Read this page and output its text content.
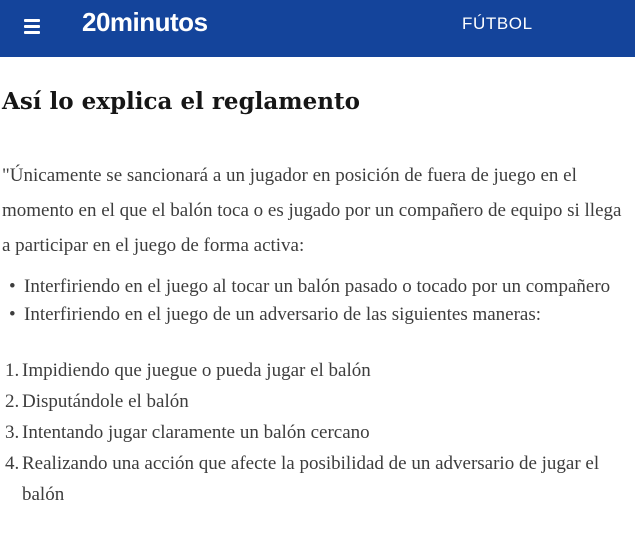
20minutos	FÚTBOL
Así lo explica el reglamento

"Únicamente se sancionará a un jugador en posición de fuera de juego en el momento en el que el balón toca o es jugado por un compañero de equipo si llega a participar en el juego de forma activa:

• Interfiriendo en el juego al tocar un balón pasado o tocado por un compañero
• Interfiriendo en el juego de un adversario de las siguientes maneras:
1. Impidiendo que juegue o pueda jugar el balón
2. Disputándole el balón
3. Intentando jugar claramente un balón cercano
4. Realizando una acción que afecte la posibilidad de un adversario de jugar el balón
